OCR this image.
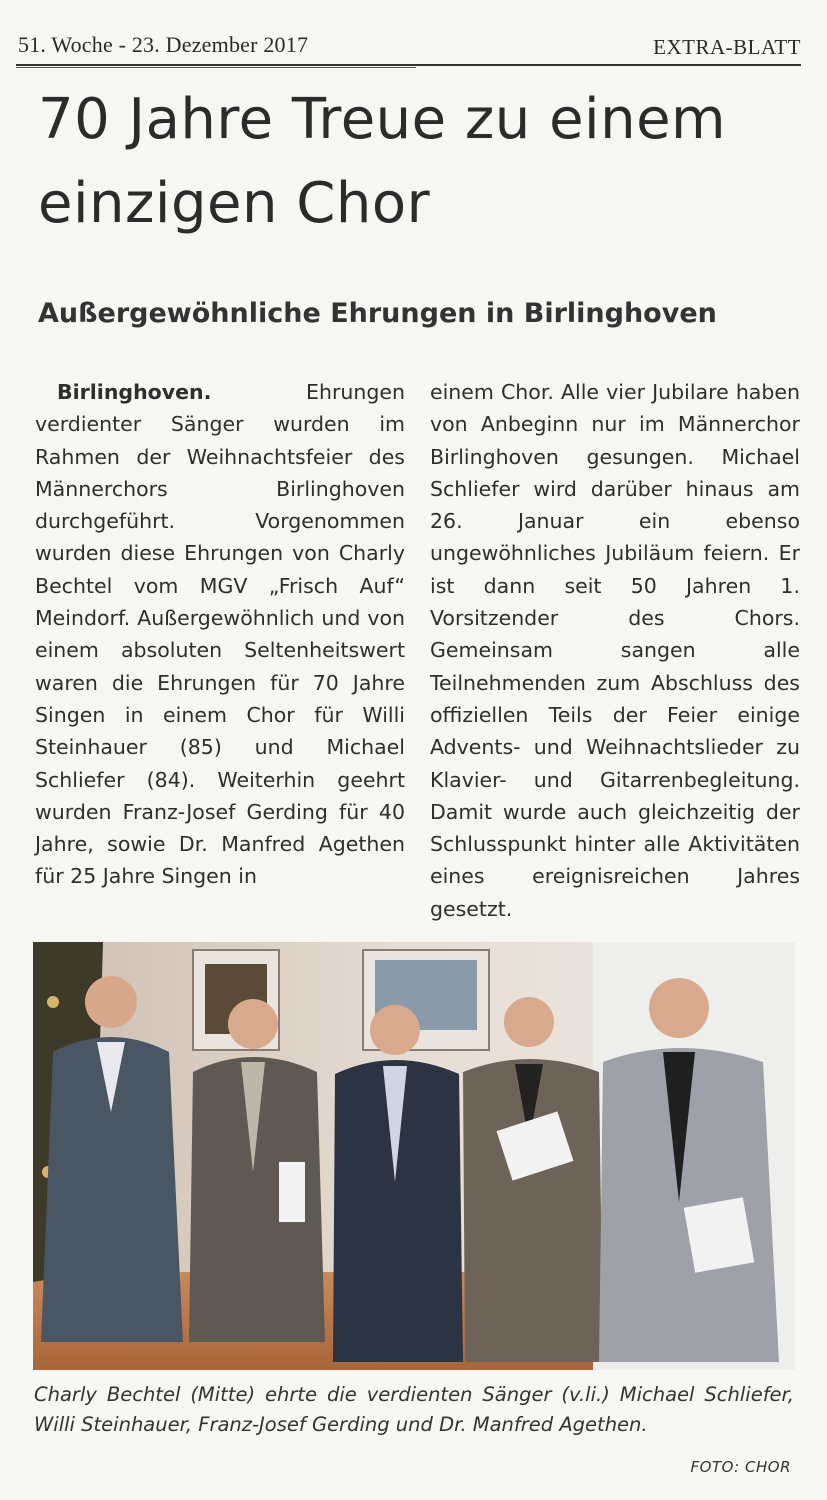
51. Woche - 23. Dezember 2017	EXTRA-BLATT
70 Jahre Treue zu einem einzigen Chor
Außergewöhnliche Ehrungen in Birlinghoven
Birlinghoven.	Ehrungen verdienter Sänger wurden im Rahmen der Weihnachtsfeier des Männerchors Birlinghoven durchgeführt. Vorgenommen wurden diese Ehrungen von Charly Bechtel vom MGV „Frisch Auf“ Meindorf. Außergewöhnlich und von einem absoluten Seltenheitswert waren die Ehrungen für 70 Jahre Singen in einem Chor für Willi Steinhauer (85) und Michael Schliefer (84). Weiterhin geehrt wurden Franz-Josef Gerding für 40 Jahre, sowie Dr. Manfred Agethen für 25 Jahre Singen in
einem Chor. Alle vier Jubilare haben von Anbeginn nur im Männerchor Birlinghoven gesungen. Michael Schliefer wird darüber hinaus am 26. Januar ein ebenso ungewöhnliches Jubiläum feiern. Er ist dann seit 50 Jahren 1. Vorsitzender des Chors. Gemeinsam sangen alle Teilnehmenden zum Abschluss des offiziellen Teils der Feier einige Advents- und Weihnachtslieder zu Klavier- und Gitarrenbegleitung. Damit wurde auch gleichzeitig der Schlusspunkt hinter alle Aktivitäten eines ereignisreichen Jahres gesetzt.

Charly Bechtel (Mitte) ehrte die verdienten Sänger (v.li.) Michael Schliefer, Willi Steinhauer, Franz-Josef Gerding und Dr. Manfred Agethen.

FOTO: CHOR
